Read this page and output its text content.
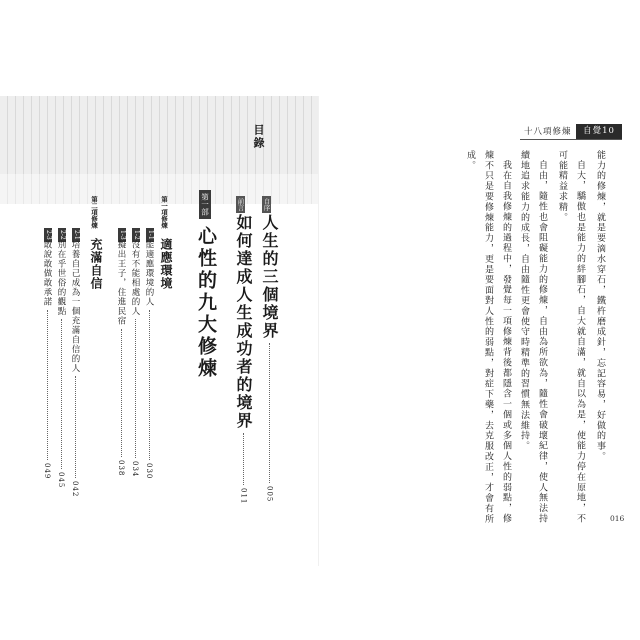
目錄
自序
人生的三個境界
005
前言
如何達成人生成功者的境界
011
第一部
心性的九大修煉
第一項修煉
適應環境
1-1
能適應環境的人
030
1-2
沒有不能相處的人
034
1-3
擬出王子，住進民宿
038
第二項修煉
充滿自信
2-1
培養自己成為一個充滿自信的人
042
2-2
別在乎世俗的觀點
045
2-3
敢說敢做敢承諾
049
十八項修煉	自覺10
能力的修煉，就是要滴水穿石，鐵杵磨成針，忘記容易，好做的事。
自大，驕傲也是能力的絆腳石，自大就自滿，就自以為是，使能力停在原地，不
可能精益求精。
自由，隨性也會阻礙能力的修煉，自由為所欲為，隨性會破壞紀律，使人無法持
續地追求能力的成長，自由隨性更會使守時精準的習慣無法維持。
我在自我修煉的過程中，發覺每一項修煉背後都隱含一個或多個人性的弱點，修
煉不只是要修煉能力，更是要面對人性的弱點，對症下藥，去克服改正，才會有所
成。
016
